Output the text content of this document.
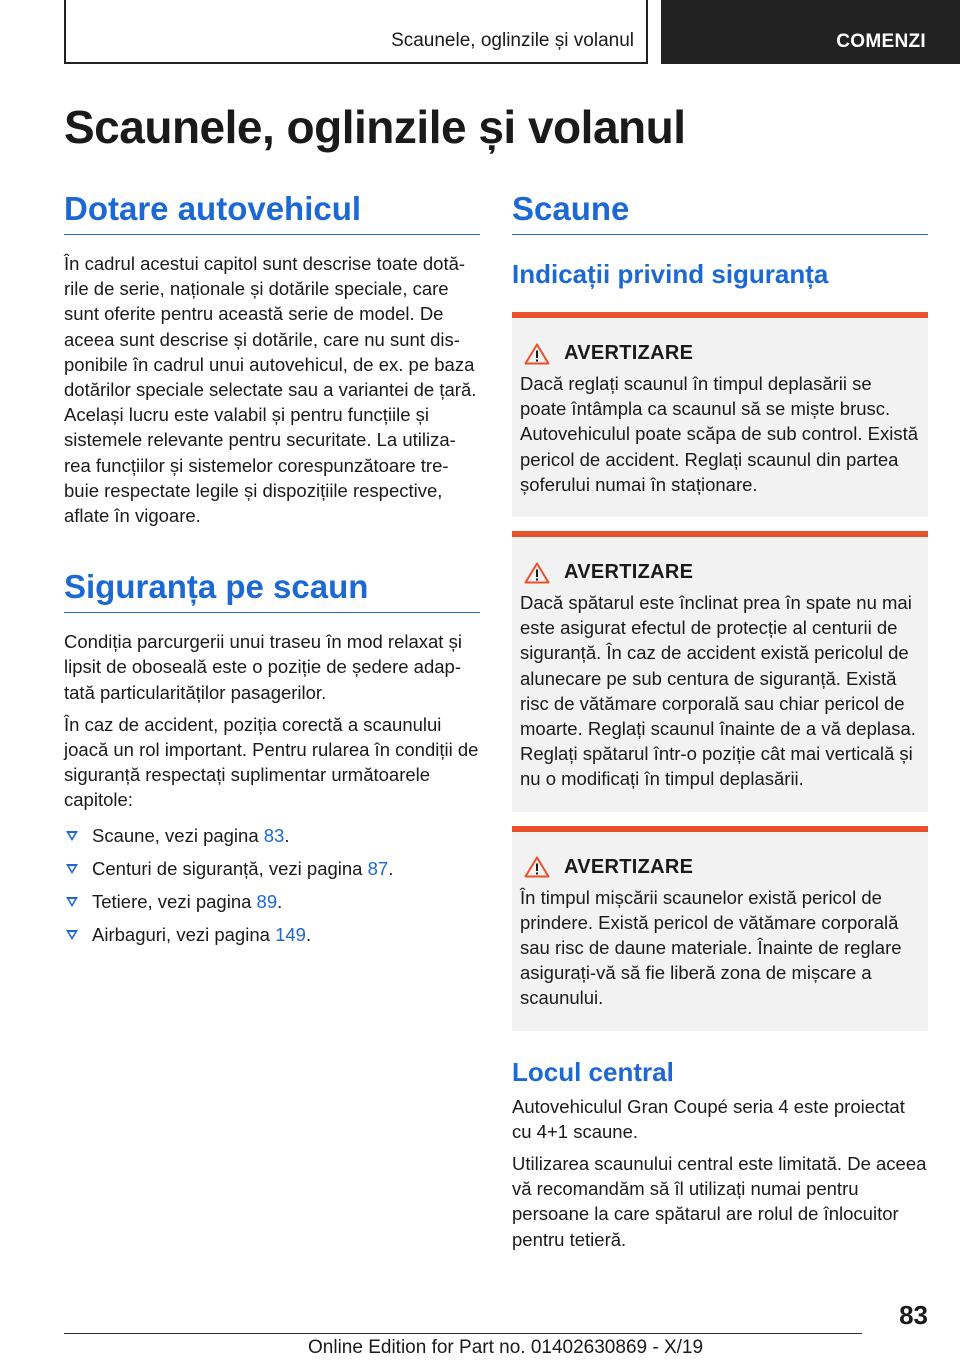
Scaunele, oglinzile și volanul	COMENZI
Scaunele, oglinzile și volanul
Dotare autovehicul

În cadrul acestui capitol sunt descrise toate dotă-rile de serie, naționale și dotările speciale, care sunt oferite pentru această serie de model. De aceea sunt descrise și dotările, care nu sunt dis-ponibile în cadrul unui autovehicul, de ex. pe baza dotărilor speciale selectate sau a variantei de țară. Același lucru este valabil și pentru funcțiile și sistemele relevante pentru securitate. La utiliza-rea funcțiilor și sistemelor corespunzătoare tre-buie respectate legile și dispozițiile respective, aflate în vigoare.

Siguranța pe scaun

Condiția parcurgerii unui traseu în mod relaxat și lipsit de oboseală este o poziție de ședere adap-tată particularităților pasagerilor.

În caz de accident, poziția corectă a scaunului joacă un rol important. Pentru rularea în condiții de siguranță respectați suplimentar următoarele capitole:

Scaune, vezi pagina 83.
Centuri de siguranță, vezi pagina 87.
Tetiere, vezi pagina 89.
Airbaguri, vezi pagina 149.
Scaune
Indicații privind siguranța
AVERTIZARE

Dacă reglați scaunul în timpul deplasării se poate întâmpla ca scaunul să se miște brusc. Autovehiculul poate scăpa de sub control. Există pericol de accident. Reglați scaunul din partea șoferului numai în staționare.

AVERTIZARE

Dacă spătarul este înclinat prea în spate nu mai este asigurat efectul de protecție al centurii de siguranță. În caz de accident există pericolul de alunecare pe sub centura de siguranță. Există risc de vătămare corporală sau chiar pericol de moarte. Reglați scaunul înainte de a vă deplasa. Reglați spătarul într-o poziție cât mai verticală și nu o modificați în timpul deplasării.

AVERTIZARE

În timpul mișcării scaunelor există pericol de prindere. Există pericol de vătămare corporală sau risc de daune materiale. Înainte de reglare asigurați-vă să fie liberă zona de mișcare a scaunului.

Locul central

Autovehiculul Gran Coupé seria 4 este proiectat cu 4+1 scaune.

Utilizarea scaunului central este limitată. De aceea vă recomandăm să îl utilizați numai pentru persoane la care spătarul are rolul de înlocuitor pentru tetieră.

83
Online Edition for Part no. 01402630869 - X/19
